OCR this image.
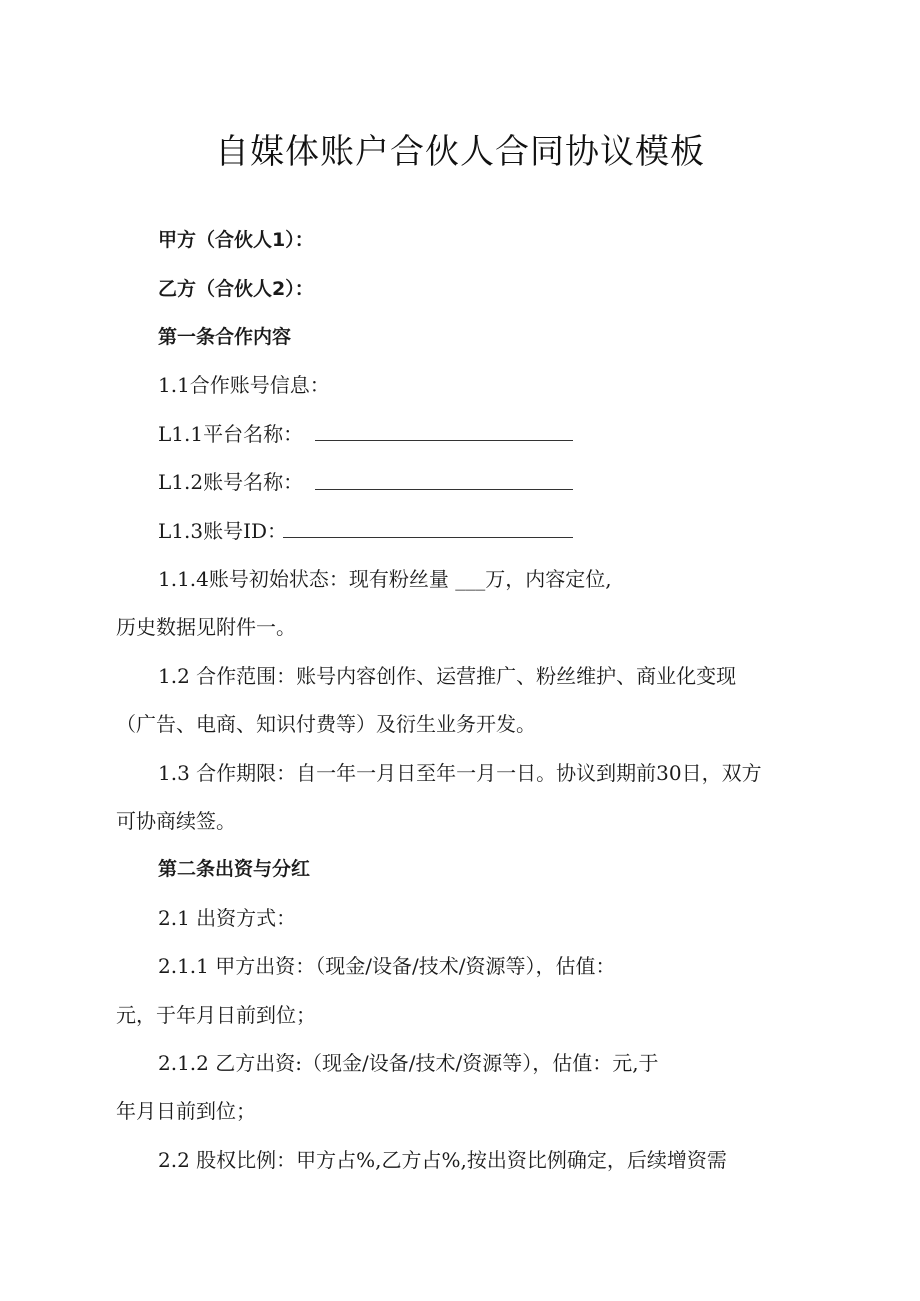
自媒体账户合伙人合同协议模板
甲方（合伙人1）：
乙方（合伙人2）：
第一条合作内容
1.1合作账号信息：
L1.1平台名称：
L1.2账号名称：
L1.3账号ID：
1.1.4账号初始状态：现有粉丝量 ___万，内容定位,
历史数据见附件一。
1.2 合作范围：账号内容创作、运营推广、粉丝维护、商业化变现
（广告、电商、知识付费等）及衍生业务开发。
1.3 合作期限：自一年一月日至年一月一日。协议到期前30日，双方
可协商续签。
第二条出资与分红
2.1 出资方式：
2.1.1 甲方出资：（现金/设备/技术/资源等），估值：
元，于年月日前到位；
2.1.2 乙方出资:（现金/设备/技术/资源等），估值：元,于
年月日前到位；
2.2 股权比例：甲方占%,乙方占%,按出资比例确定，后续增资需
